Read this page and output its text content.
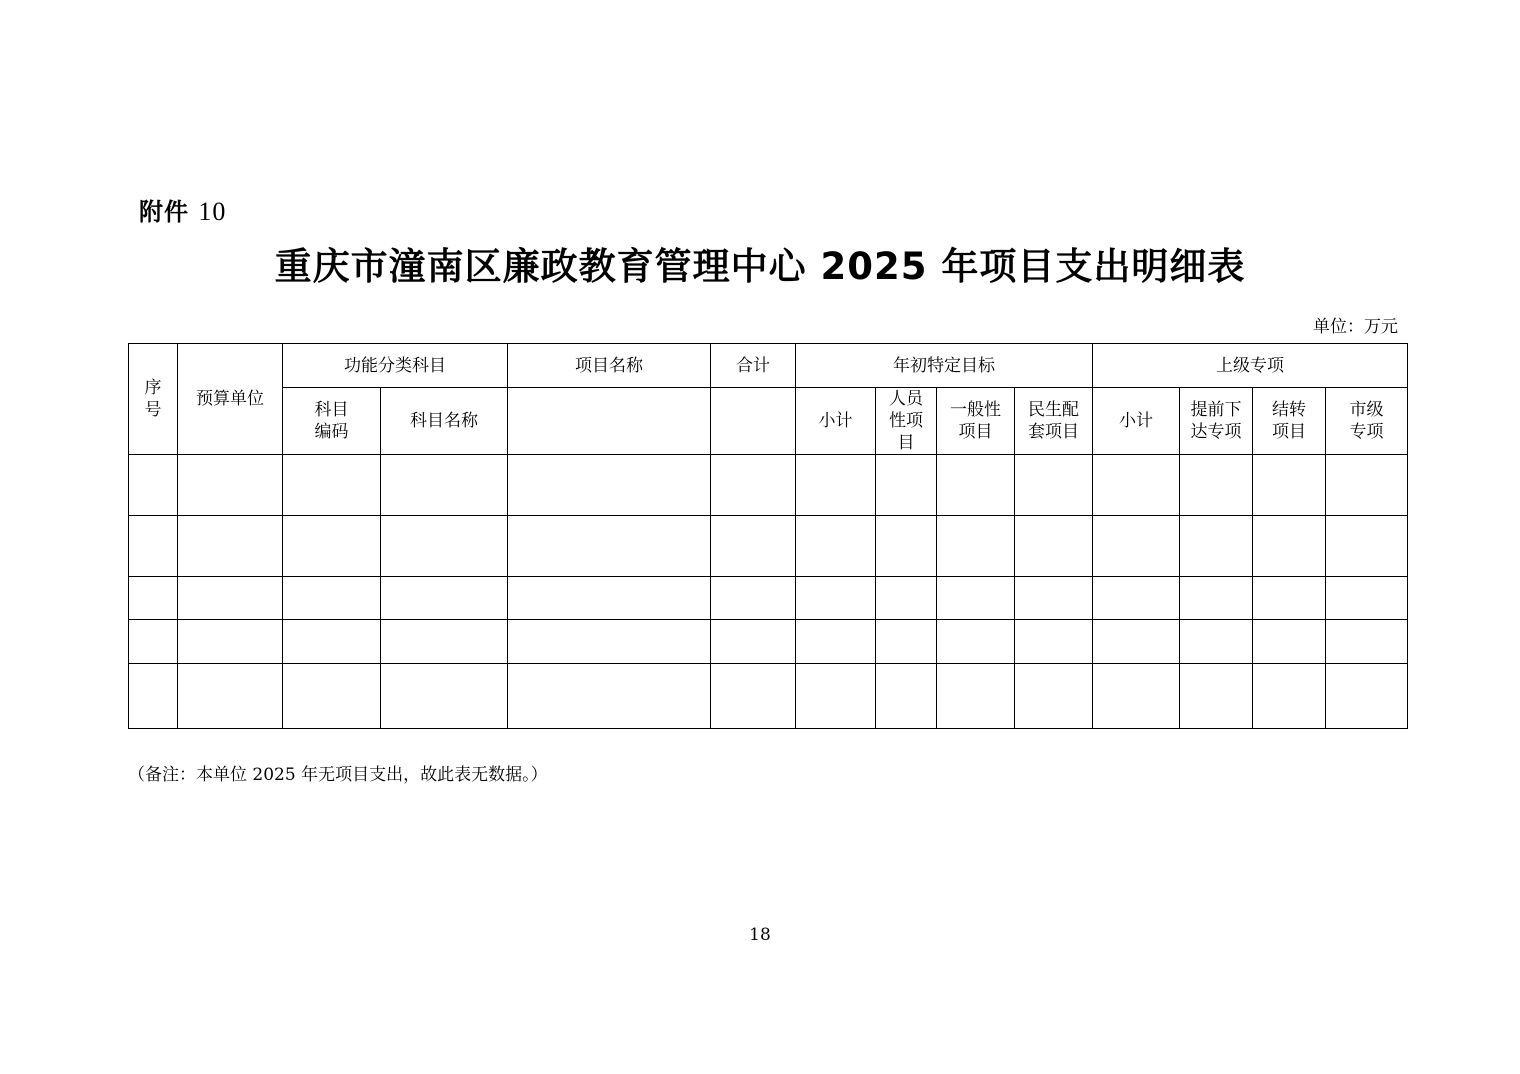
附件 10
重庆市潼南区廉政教育管理中心 2025 年项目支出明细表
单位：万元
序号	预算单位	功能分类科目		项目名称	合计	年初特定目标				上级专项			

		科目编码	科目名称			小计	人员性项目	一般性项目	民生配套项目	小计	提前下达专项	结转项目	市级专项

（备注：本单位 2025 年无项目支出，故此表无数据。）
18
